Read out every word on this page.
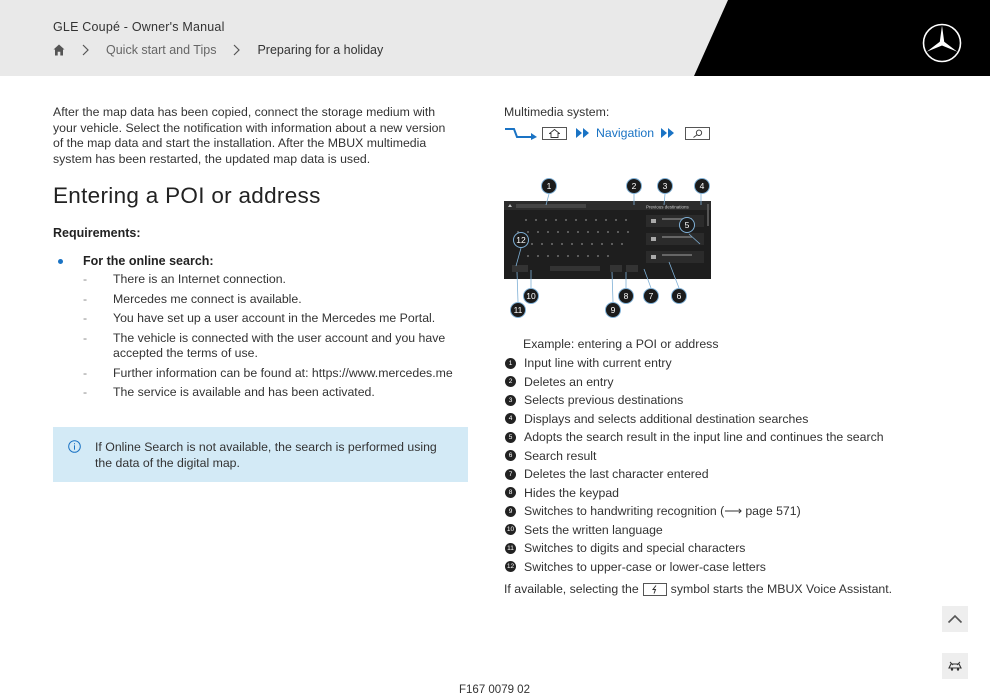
GLE Coupé - Owner's Manual
Quick start and Tips	Preparing for a holiday

After the map data has been copied, connect the storage medium with your vehicle. Select the notification with information about a new version of the map data and start the installation. After the MBUX multimedia system has been restarted, the updated map data is used.

Entering a POI or address
Requirements:
For the online search:
- There is an Internet connection.
- Mercedes me connect is available.
- You have set up a user account in the Mercedes me Portal.
- The vehicle is connected with the user account and you have accepted the terms of use.
- Further information can be found at: https://www.mercedes.me
- The service is available and has been activated.
If Online Search is not available, the search is performed using the data of the digital map.
Multimedia system:
Navigation
Previous destinations
1	2	3	4
5
6
7
8
9
10
11
12
Example: entering a POI or address
1 Input line with current entry
2 Deletes an entry
3 Selects previous destinations
4 Displays and selects additional destination searches
5 Adopts the search result in the input line and continues the search
6 Search result
7 Deletes the last character entered
8 Hides the keypad
9 Switches to handwriting recognition (⟶ page 571)
10 Sets the written language
11 Switches to digits and special characters
12 Switches to upper-case or lower-case letters
If available, selecting the	symbol starts the MBUX Voice Assistant.
F167 0079 02
